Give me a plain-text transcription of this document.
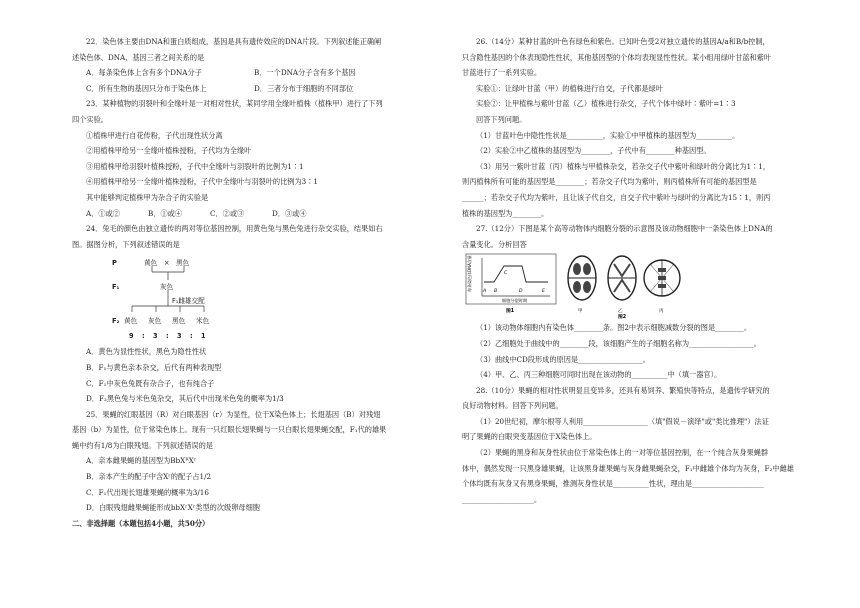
22．染色体主要由DNA和蛋白质组成，基因是具有遗传效应的DNA片段。下列叙述能正确阐

述染色体、DNA、基因三者之间关系的是

A．每条染色体上含有多个DNA分子	B．一个DNA分子含有多个基因
C．所有生物的基因只分布于染色体上	D．三者分布于细胞的不同部位

23．某种植物的羽裂叶和全缘叶是一对相对性状，某同学用全缘叶植株（植株甲）进行了下列

四个实验。

①植株甲进行自花传粉，子代出现性状分离

②用植株甲给另一全缘叶植株授粉，子代均为全缘叶

③用植株甲给羽裂叶植株授粉，子代中全缘叶与羽裂叶的比例为1∶1

④用植株甲给另一全缘叶植株授粉，子代中全缘叶与羽裂叶的比例为3∶1

其中能够判定植株甲为杂合子的实验是

A．①或②	B．①或④	C．②或③	D．③或④

24．兔毛的颜色由独立遗传的两对等位基因控制，用黄色兔与黑色兔进行杂交实验，结果如右

图。据图分析，下列叙述错误的是

P	黄色 × 黑色
F₁	灰色
F₁雌雄交配
F₂ 黄色 灰色 黑色 米色
9 : 3 : 3 : 1

A．黄色为显性性状，黑色为隐性性状

B．F₁与黄色亲本杂交，后代有两种表现型

C．F₁中灰色兔既有杂合子，也有纯合子

D．F₂黑色兔与米色兔杂交，其后代中出现米色兔的概率为1/3

25．果蝇的红眼基因（R）对白眼基因（r）为显性，位于X染色体上；长翅基因（B）对残翅

基因（b）为显性，位于常染色体上。现有一只红眼长翅果蝇与一只白眼长翅果蝇交配，F₁代的雄果

蝇中约有1/8为白眼残翅。下列叙述错误的是

A．亲本雌果蝇的基因型为BbXᴿXʳ

B．亲本产生的配子中含Xʳ的配子占1/2

C．F₁代出现长翅雄果蝇的概率为3/16

D．白眼残翅雌果蝇能形成bbXʳXʳ类型的次级卵母细胞

二、非选择题（本题包括4小题，共50分）

26.（14分）某种甘蓝的叶色有绿色和紫色。已知叶色受2对独立遗传的基因A/a和B/b控制，

只含隐性基因的个体表现隐性性状，其他基因型的个体均表现显性性状。某小组用绿叶甘蓝和紫叶

甘蓝进行了一系列实验。

实验①：让绿叶甘蓝（甲）的植株进行自交，子代都是绿叶

实验②：让甲植株与紫叶甘蓝（乙）植株进行杂交，子代个体中绿叶∶紫叶=1∶3

回答下列问题。

（1）甘蓝叶色中隐性性状是__________，实验①中甲植株的基因型为__________。

（2）实验②中乙植株的基因型为________，子代中有________种基因型。

（3）用另一紫叶甘蓝（丙）植株与甲植株杂交，若杂交子代中紫叶和绿叶的分离比为1∶1，

则丙植株所有可能的基因型是________；若杂交子代均为紫叶，则丙植株所有可能的基因型是

______；若杂交子代均为紫叶，且让该子代自交，自交子代中紫叶与绿叶的分离比为15∶1，则丙

植株的基因型为________。

27.（12分）下图是某个高等动物体内细胞分裂的示意图及该动物细胞中一条染色体上DNA的

含量变化。分析回答

每条染色体DNA含量
细胞分裂时期
A B
C
D	E
图1	甲	乙	丙
图2

（1）该动物体细胞内有染色体________条。图2中表示细胞减数分裂的图是________。

（2）乙细胞处于曲线中的________段，该细胞产生的子细胞名称为__________________。

（3）曲线中CD段形成的原因是__________________。

（4）甲、乙、丙三种细胞可同时出现在该动物的__________中（填一器官）。

28.（10分）果蝇的相对性状明显且变异多，还具有易饲养、繁殖快等特点，是遗传学研究的

良好动物材料。回答下列问题。

（1）20世纪初，摩尔根等人利用__________________（填"假说－演绎"或"类比推理"）法证

明了果蝇的白眼突变基因位于X染色体上。

（2）果蝇的黑身和灰身性状由位于常染色体上的一对等位基因控制，在一个纯合灰身果蝇群

体中，偶然发现一只黑身雄果蝇，让该黑身雄果蝇与灰身雌果蝇杂交，F₁中雌雄个体均为灰身，F₂中雌雄

个体均既有灰身又有黑身果蝇，推测灰身性状是__________性状，理由是____________________

____________________。
